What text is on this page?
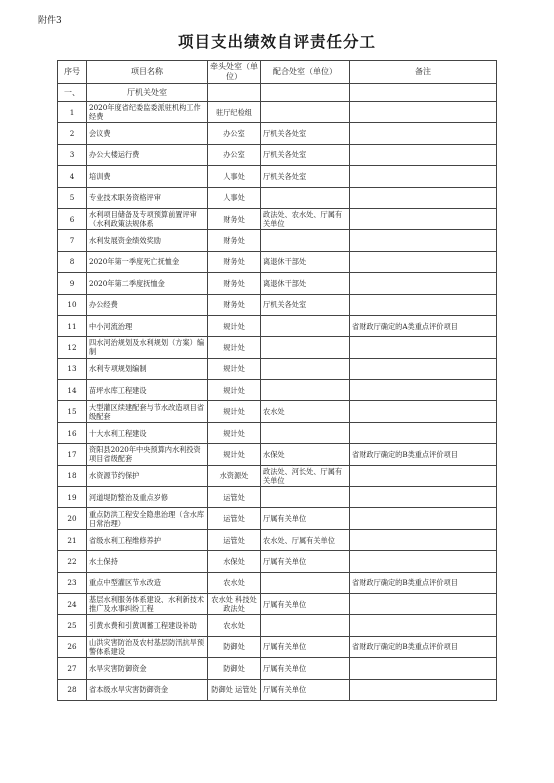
附件3
项目支出绩效自评责任分工
序号	项目名称	牵头处室（单位）	配合处室（单位）	备注
一、	厅机关处室			
1	2020年度省纪委监委派驻机构工作经费	驻厅纪检组		
2	会议费	办公室	厅机关各处室	
3	办公大楼运行费	办公室	厅机关各处室	
4	培训费	人事处	厅机关各处室	
5	专业技术职务资格评审	人事处		
6	水利项目储备及专项预算前置评审（水利政策法规体系	财务处	政法处、农水处、厅属有关单位	
7	水利发展资金绩效奖励	财务处		
8	2020年第一季度死亡抚恤金	财务处	离退休干部处	
9	2020年第二季度抚恤金	财务处	离退休干部处	
10	办公经费	财务处	厅机关各处室	
11	中小河流治理	规计处		省财政厅确定的A类重点评价项目
12	四水河治规划及水利规划（方案）编制	规计处		
13	水利专项规划编制	规计处		
14	苗坪水库工程建设	规计处		
15	大型灌区续建配套与节水改造项目省级配套	规计处	农水处	
16	十大水利工程建设	规计处		
17	资阳县2020年中央预算内水利投资项目省级配套	规计处	水保处	省财政厅确定的B类重点评价项目
18	水资源节约保护	水资源处	政法处、河长处、厅属有关单位	
19	河道堤防整治及重点岁修	运管处		
20	重点防洪工程安全隐患治理（含水库日常治理）	运管处	厅属有关单位	
21	省级水利工程维修养护	运管处	农水处、厅属有关单位	
22	水土保持	水保处	厅属有关单位	
23	重点中型灌区节水改造	农水处		省财政厅确定的B类重点评价项目
24	基层水利服务体系建设、水利新技术推广及水事纠纷工程	农水处 科技处 政法处	厅属有关单位	
25	引黄水费和引黄调蓄工程建设补助	农水处		
26	山洪灾害防治及农村基层防汛抗旱预警体系建设	防御处	厅属有关单位	省财政厅确定的B类重点评价项目
27	水旱灾害防御资金	防御处	厅属有关单位	
28	省本级水旱灾害防御资金	防御处 运管处	厅属有关单位	
